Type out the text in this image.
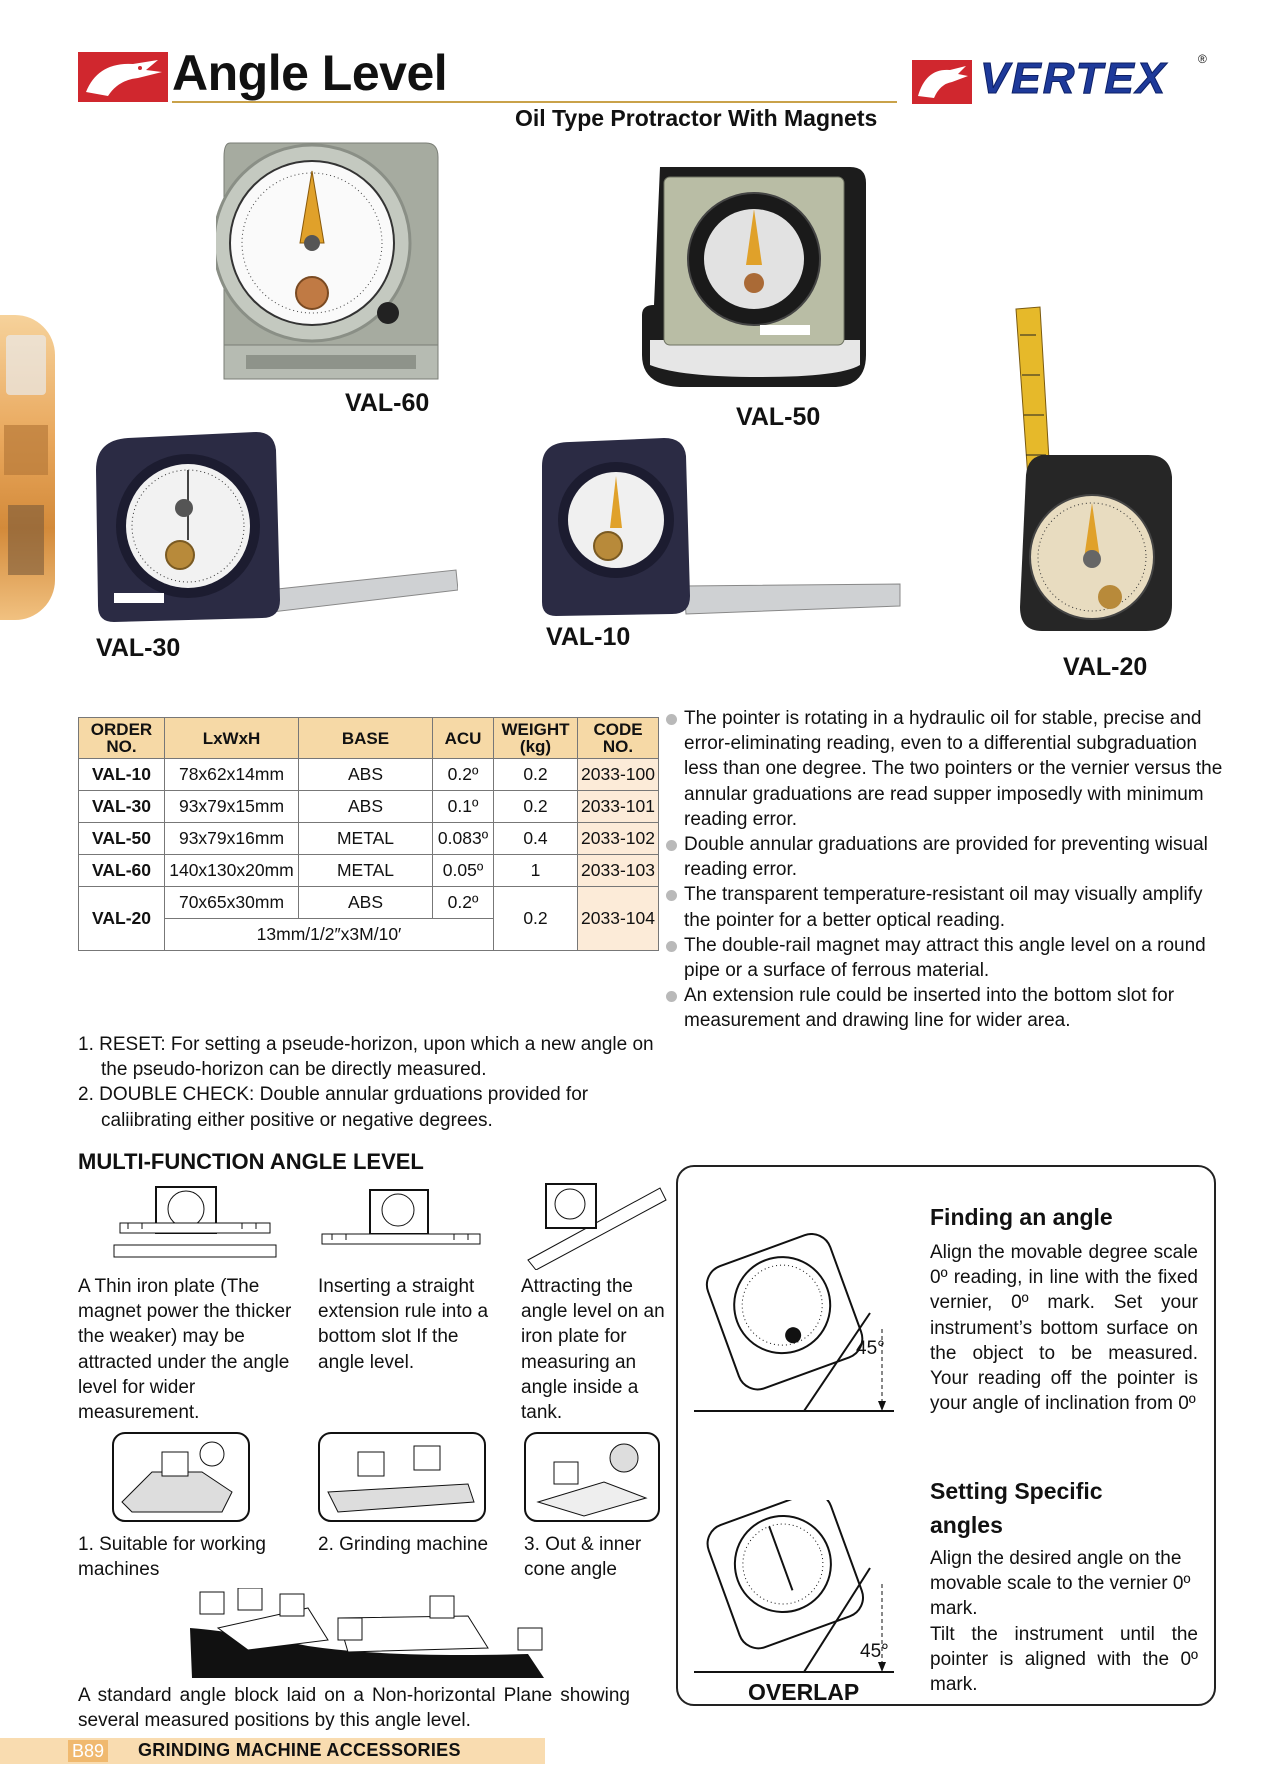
Angle Level
Oil Type Protractor With Magnets
VERTEX	®
VAL-60	VAL-50
VAL-30	VAL-10
VAL-20
ORDER NO.	LxWxH	BASE	ACU	WEIGHT (kg)	CODE NO.
VAL-10	78x62x14mm	ABS	0.2º	0.2	2033-100
VAL-30	93x79x15mm	ABS	0.1º	0.2	2033-101
VAL-50	93x79x16mm	METAL	0.083º	0.4	2033-102
VAL-60	140x130x20mm	METAL	0.05º	1	2033-103
VAL-20	70x65x30mm	ABS	0.2º	0.2	2033-104
	13mm/1/2″x3M/10′				
The pointer is rotating in a hydraulic oil for stable, precise and error-eliminating reading, even to a differential subgraduation less than one degree. The two pointers or the vernier versus the annular graduations are read supper imposedly with minimum reading error.
Double annular graduations are provided for preventing wisual reading error.
The transparent temperature-resistant oil may visually amplify the pointer for a better optical reading.
The double-rail magnet may attract this angle level on a round pipe or a surface of ferrous material.
An extension rule could be inserted into the bottom slot for measurement and drawing line for wider area.
1. RESET: For setting a pseude-horizon, upon which a new angle on the pseudo-horizon can be directly measured.
2. DOUBLE CHECK: Double annular grduations provided for caliibrating either positive or negative degrees.
MULTI-FUNCTION ANGLE LEVEL
A Thin iron plate (The magnet power the thicker the weaker) may be attracted under the angle level for wider measurement.
Inserting a straight extension rule into a bottom slot If the angle level.
Attracting the angle level on an iron plate for measuring an angle inside a tank.
1. Suitable for working machines
2. Grinding machine	3. Out & inner cone angle
A standard angle block laid on a Non-horizontal Plane showing several measured positions by this angle level.
45°
45°
OVERLAP
Finding an angle
Align the movable degree scale 0º reading, in line with the fixed vernier, 0º mark. Set your instrument’s bottom surface on the object to be measured. Your reading off the pointer is your angle of inclination from 0º
Setting Specific angles
Align the desired angle on the movable scale to the vernier 0º mark.
Tilt the instrument until the pointer is aligned with the 0º mark.
B89 GRINDING MACHINE ACCESSORIES
